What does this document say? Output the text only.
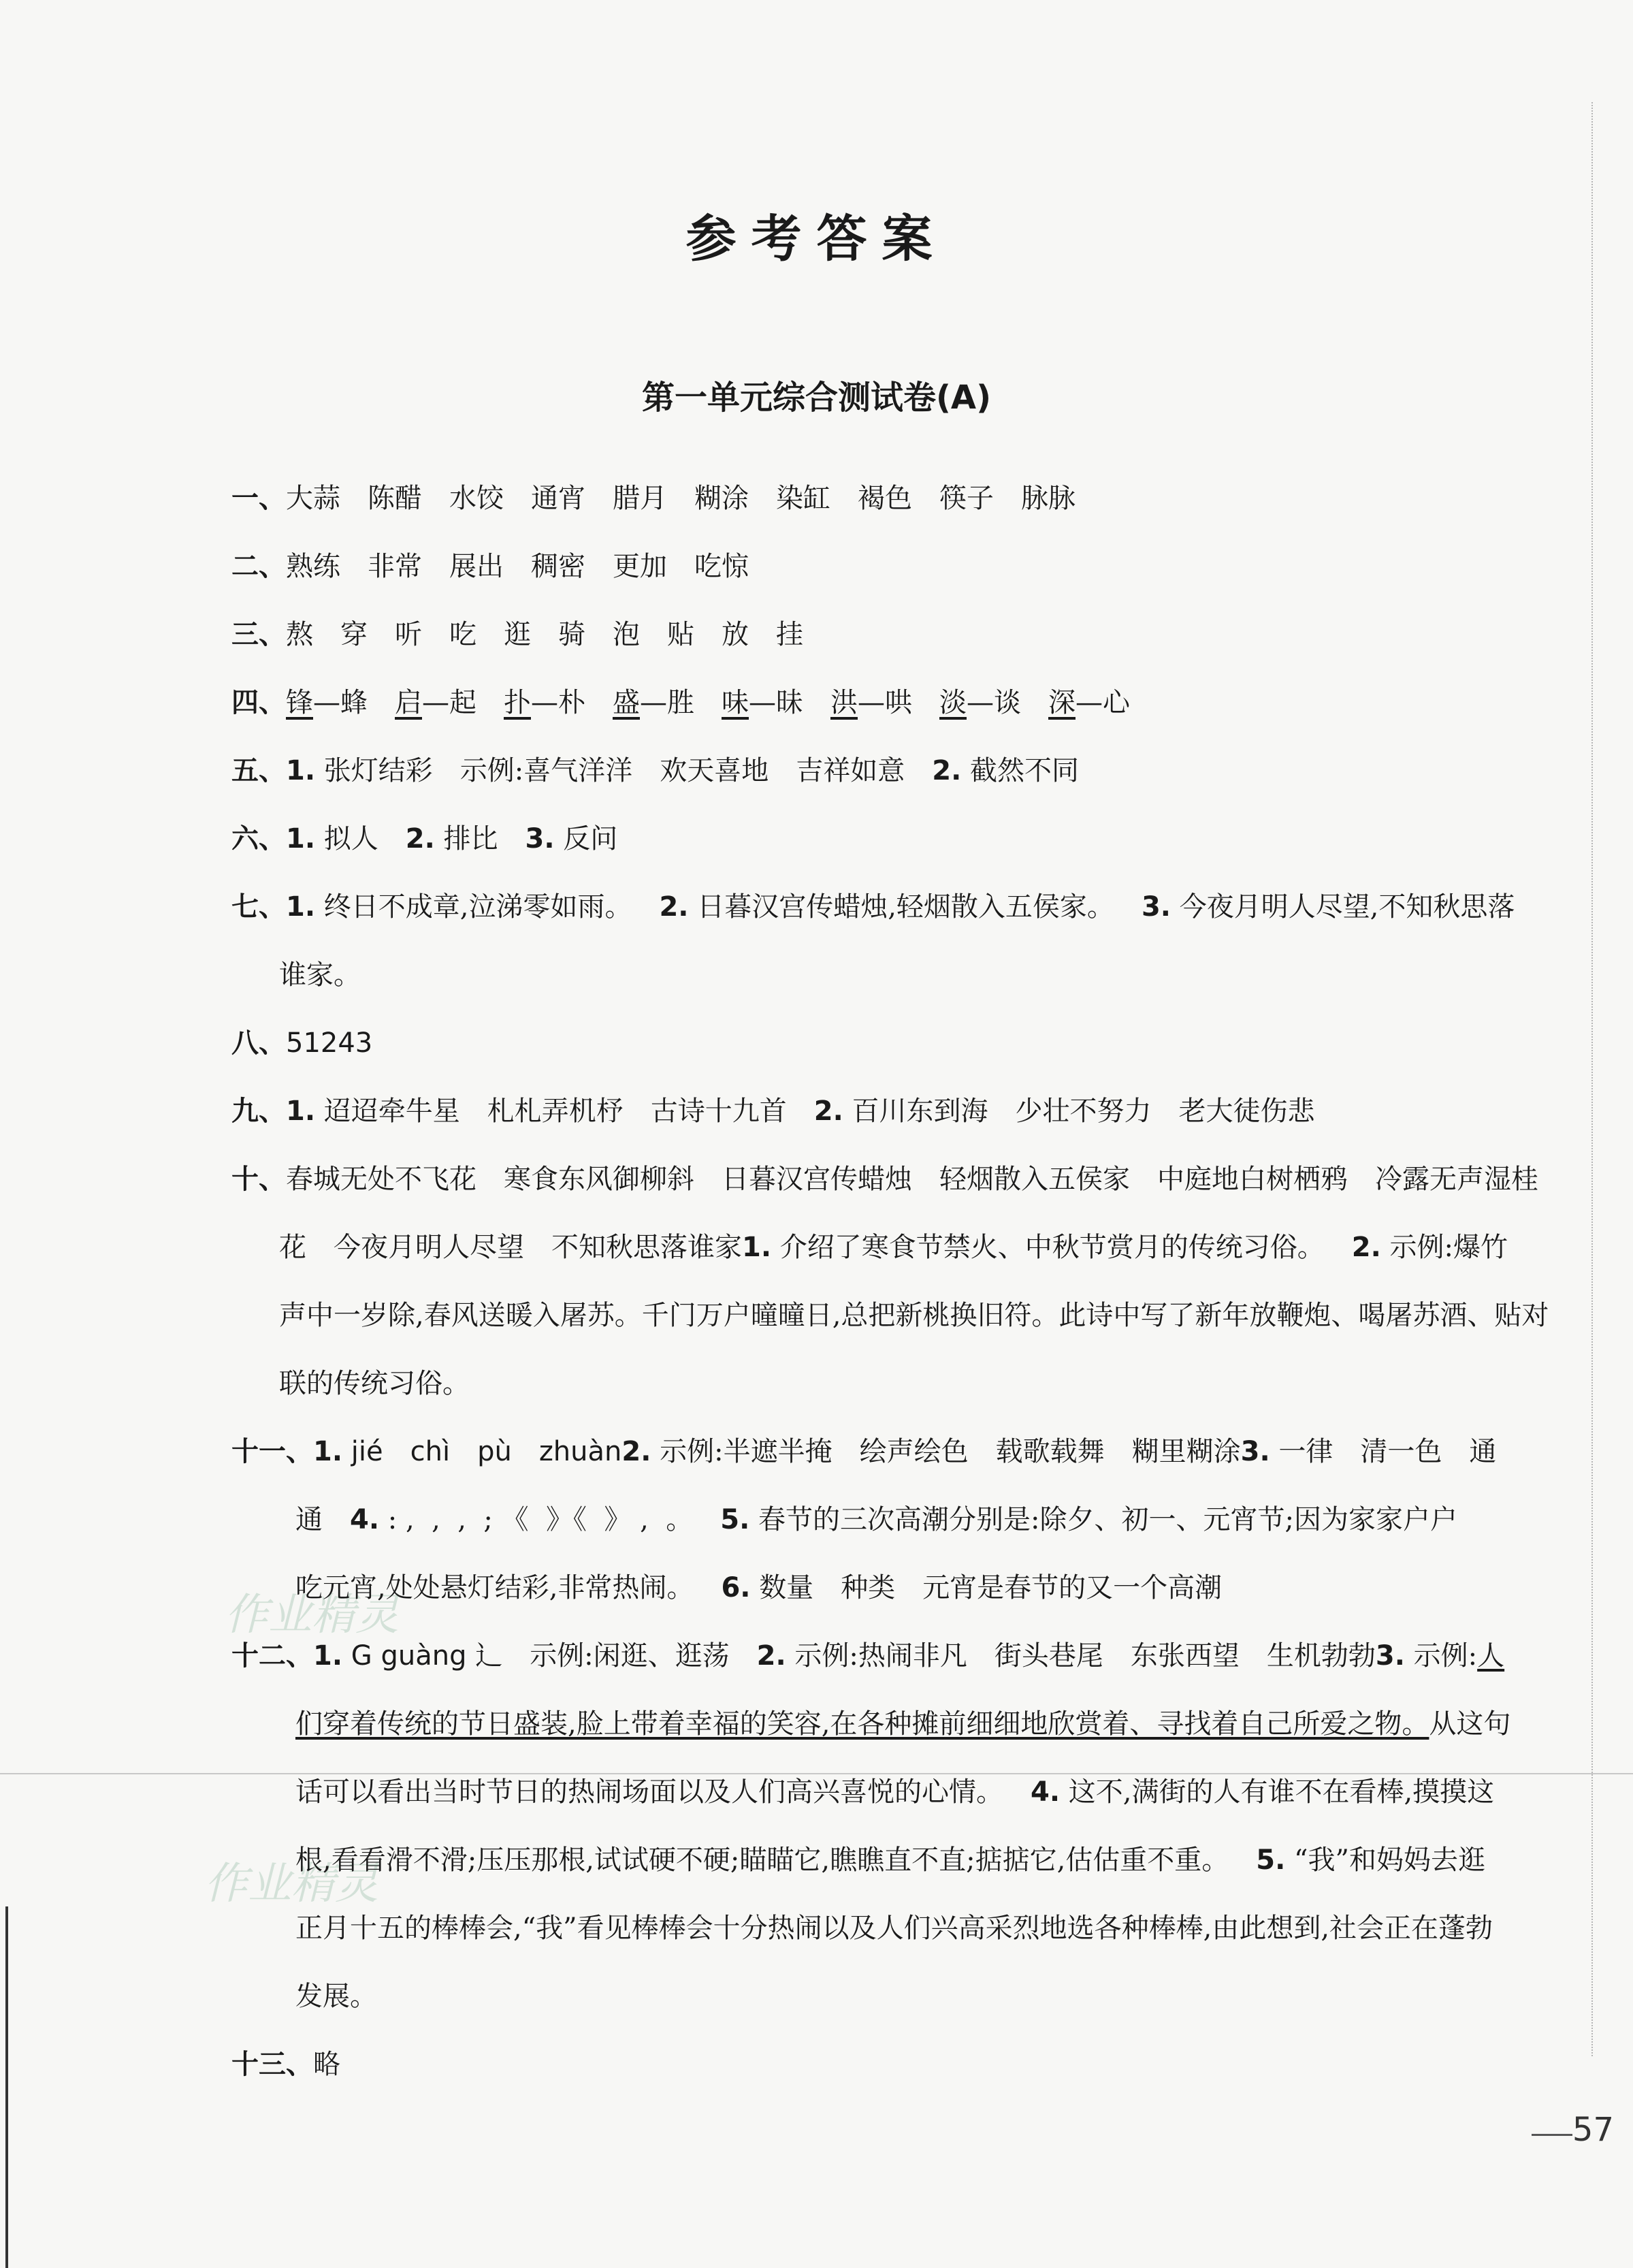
作业精灵
作业精灵
参考答案
第一单元综合测试卷(A)
一、大蒜 陈醋 水饺 通宵 腊月 糊涂 染缸 褐色 筷子 脉脉
二、熟练 非常 展出 稠密 更加 吃惊
三、熬 穿 听 吃 逛 骑 泡 贴 放 挂
四、锋—蜂 启—起 扑—朴 盛—胜 味—昧 洪—哄 淡—谈 深—心
五、1. 张灯结彩 示例:喜气洋洋 欢天喜地 吉祥如意 2. 截然不同
六、1. 拟人 2. 排比 3. 反问
七、1. 终日不成章,泣涕零如雨。 2. 日暮汉宫传蜡烛,轻烟散入五侯家。 3. 今夜月明人尽望,不知秋思落
谁家。
八、51243
九、1. 迢迢牵牛星 札札弄机杼 古诗十九首 2. 百川东到海 少壮不努力 老大徒伤悲
十、春城无处不飞花 寒食东风御柳斜 日暮汉宫传蜡烛 轻烟散入五侯家 中庭地白树栖鸦 冷露无声湿桂
花 今夜月明人尽望 不知秋思落谁家1. 介绍了寒食节禁火、中秋节赏月的传统习俗。 2. 示例:爆竹
声中一岁除,春风送暖入屠苏。千门万户曈曈日,总把新桃换旧符。此诗中写了新年放鞭炮、喝屠苏酒、贴对
联的传统习俗。
十一、1. jié chì pù zhuàn2. 示例:半遮半掩 绘声绘色 载歌载舞 糊里糊涂3. 一律 清一色 通
通 4. : ,  ,  ,  ; 《  》《  》 ,  。 5. 春节的三次高潮分别是:除夕、初一、元宵节;因为家家户户
吃元宵,处处悬灯结彩,非常热闹。 6. 数量 种类 元宵是春节的又一个高潮
十二、1. G guàng 辶 示例:闲逛、逛荡 2. 示例:热闹非凡 街头巷尾 东张西望 生机勃勃3. 示例:人
们穿着传统的节日盛装,脸上带着幸福的笑容,在各种摊前细细地欣赏着、寻找着自己所爱之物。从这句
话可以看出当时节日的热闹场面以及人们高兴喜悦的心情。 4. 这不,满街的人有谁不在看棒,摸摸这
根,看看滑不滑;压压那根,试试硬不硬;瞄瞄它,瞧瞧直不直;掂掂它,估估重不重。 5. “我”和妈妈去逛
正月十五的棒棒会,“我”看见棒棒会十分热闹以及人们兴高采烈地选各种棒棒,由此想到,社会正在蓬勃
发展。
十三、略
57
